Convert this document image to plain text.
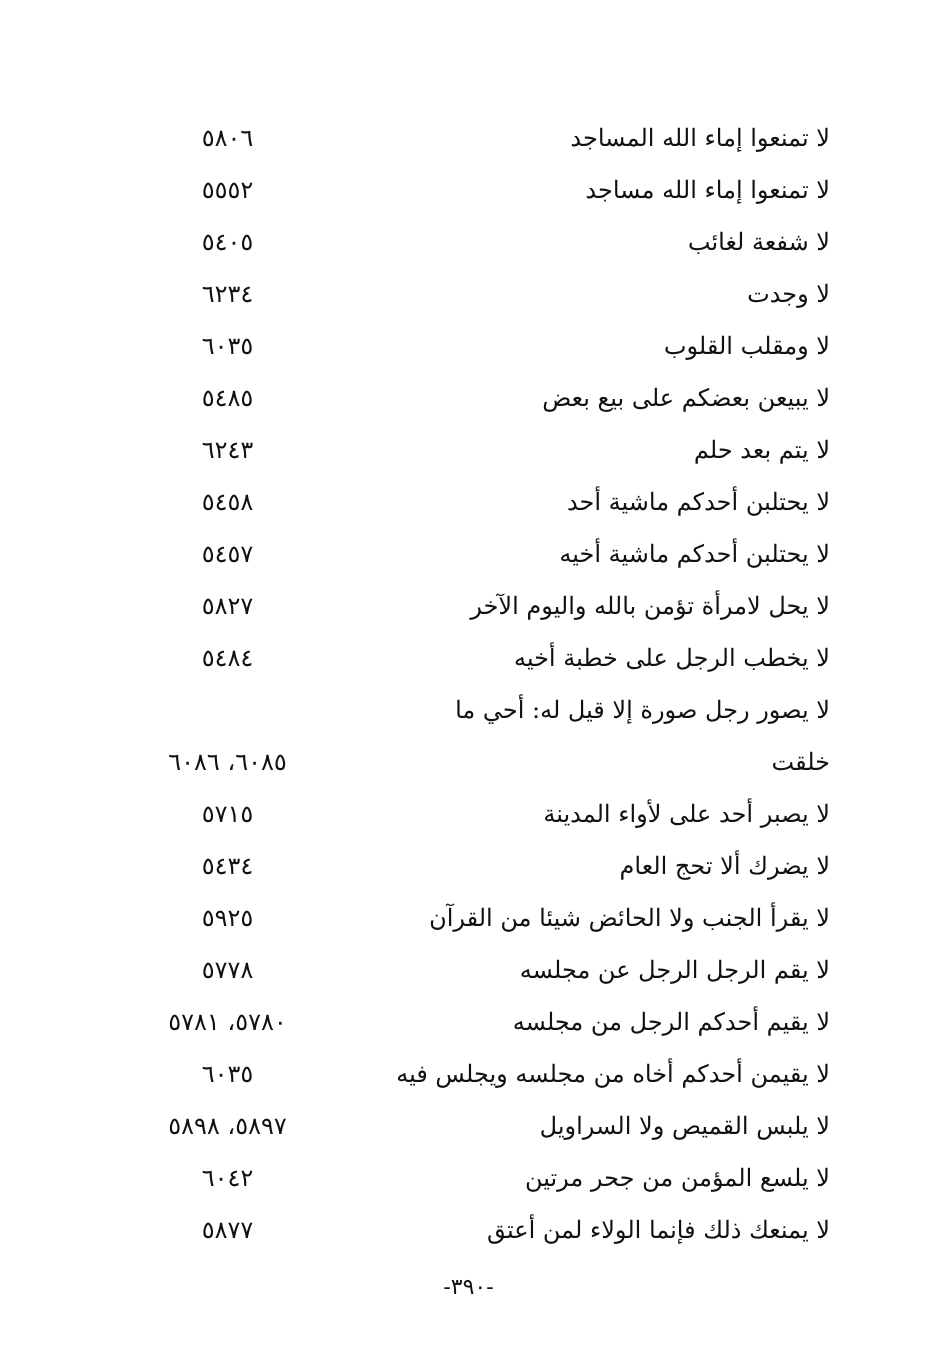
لا تمنعوا إماء الله المساجد
٥٨٠٦
لا تمنعوا إماء الله مساجد
٥٥٥٢
لا شفعة لغائب
٥٤٠٥
لا وجدت
٦٢٣٤
لا ومقلب القلوب
٦٠٣٥
لا يبيعن بعضكم على بيع بعض
٥٤٨٥
لا يتم بعد حلم
٦٢٤٣
لا يحتلبن أحدكم ماشية أحد
٥٤٥٨
لا يحتلبن أحدكم ماشية أخيه
٥٤٥٧
لا يحل لامرأة تؤمن بالله واليوم الآخر
٥٨٢٧
لا يخطب الرجل على خطبة أخيه
٥٤٨٤
لا يصور رجل صورة إلا قيل له: أحي ما
خلقت
٦٠٨٥، ٦٠٨٦
لا يصبر أحد على لأواء المدينة
٥٧١٥
لا يضرك ألا تحج العام
٥٤٣٤
لا يقرأ الجنب ولا الحائض شيئا من القرآن
٥٩٢٥
لا يقم الرجل الرجل عن مجلسه
٥٧٧٨
لا يقيم أحدكم الرجل من مجلسه
٥٧٨٠، ٥٧٨١
لا يقيمن أحدكم أخاه من مجلسه ويجلس فيه
٦٠٣٥
لا يلبس القميص ولا السراويل
٥٨٩٧، ٥٨٩٨
لا يلسع المؤمن من جحر مرتين
٦٠٤٢
لا يمنعك ذلك فإنما الولاء لمن أعتق
٥٨٧٧
-٣٩٠-
